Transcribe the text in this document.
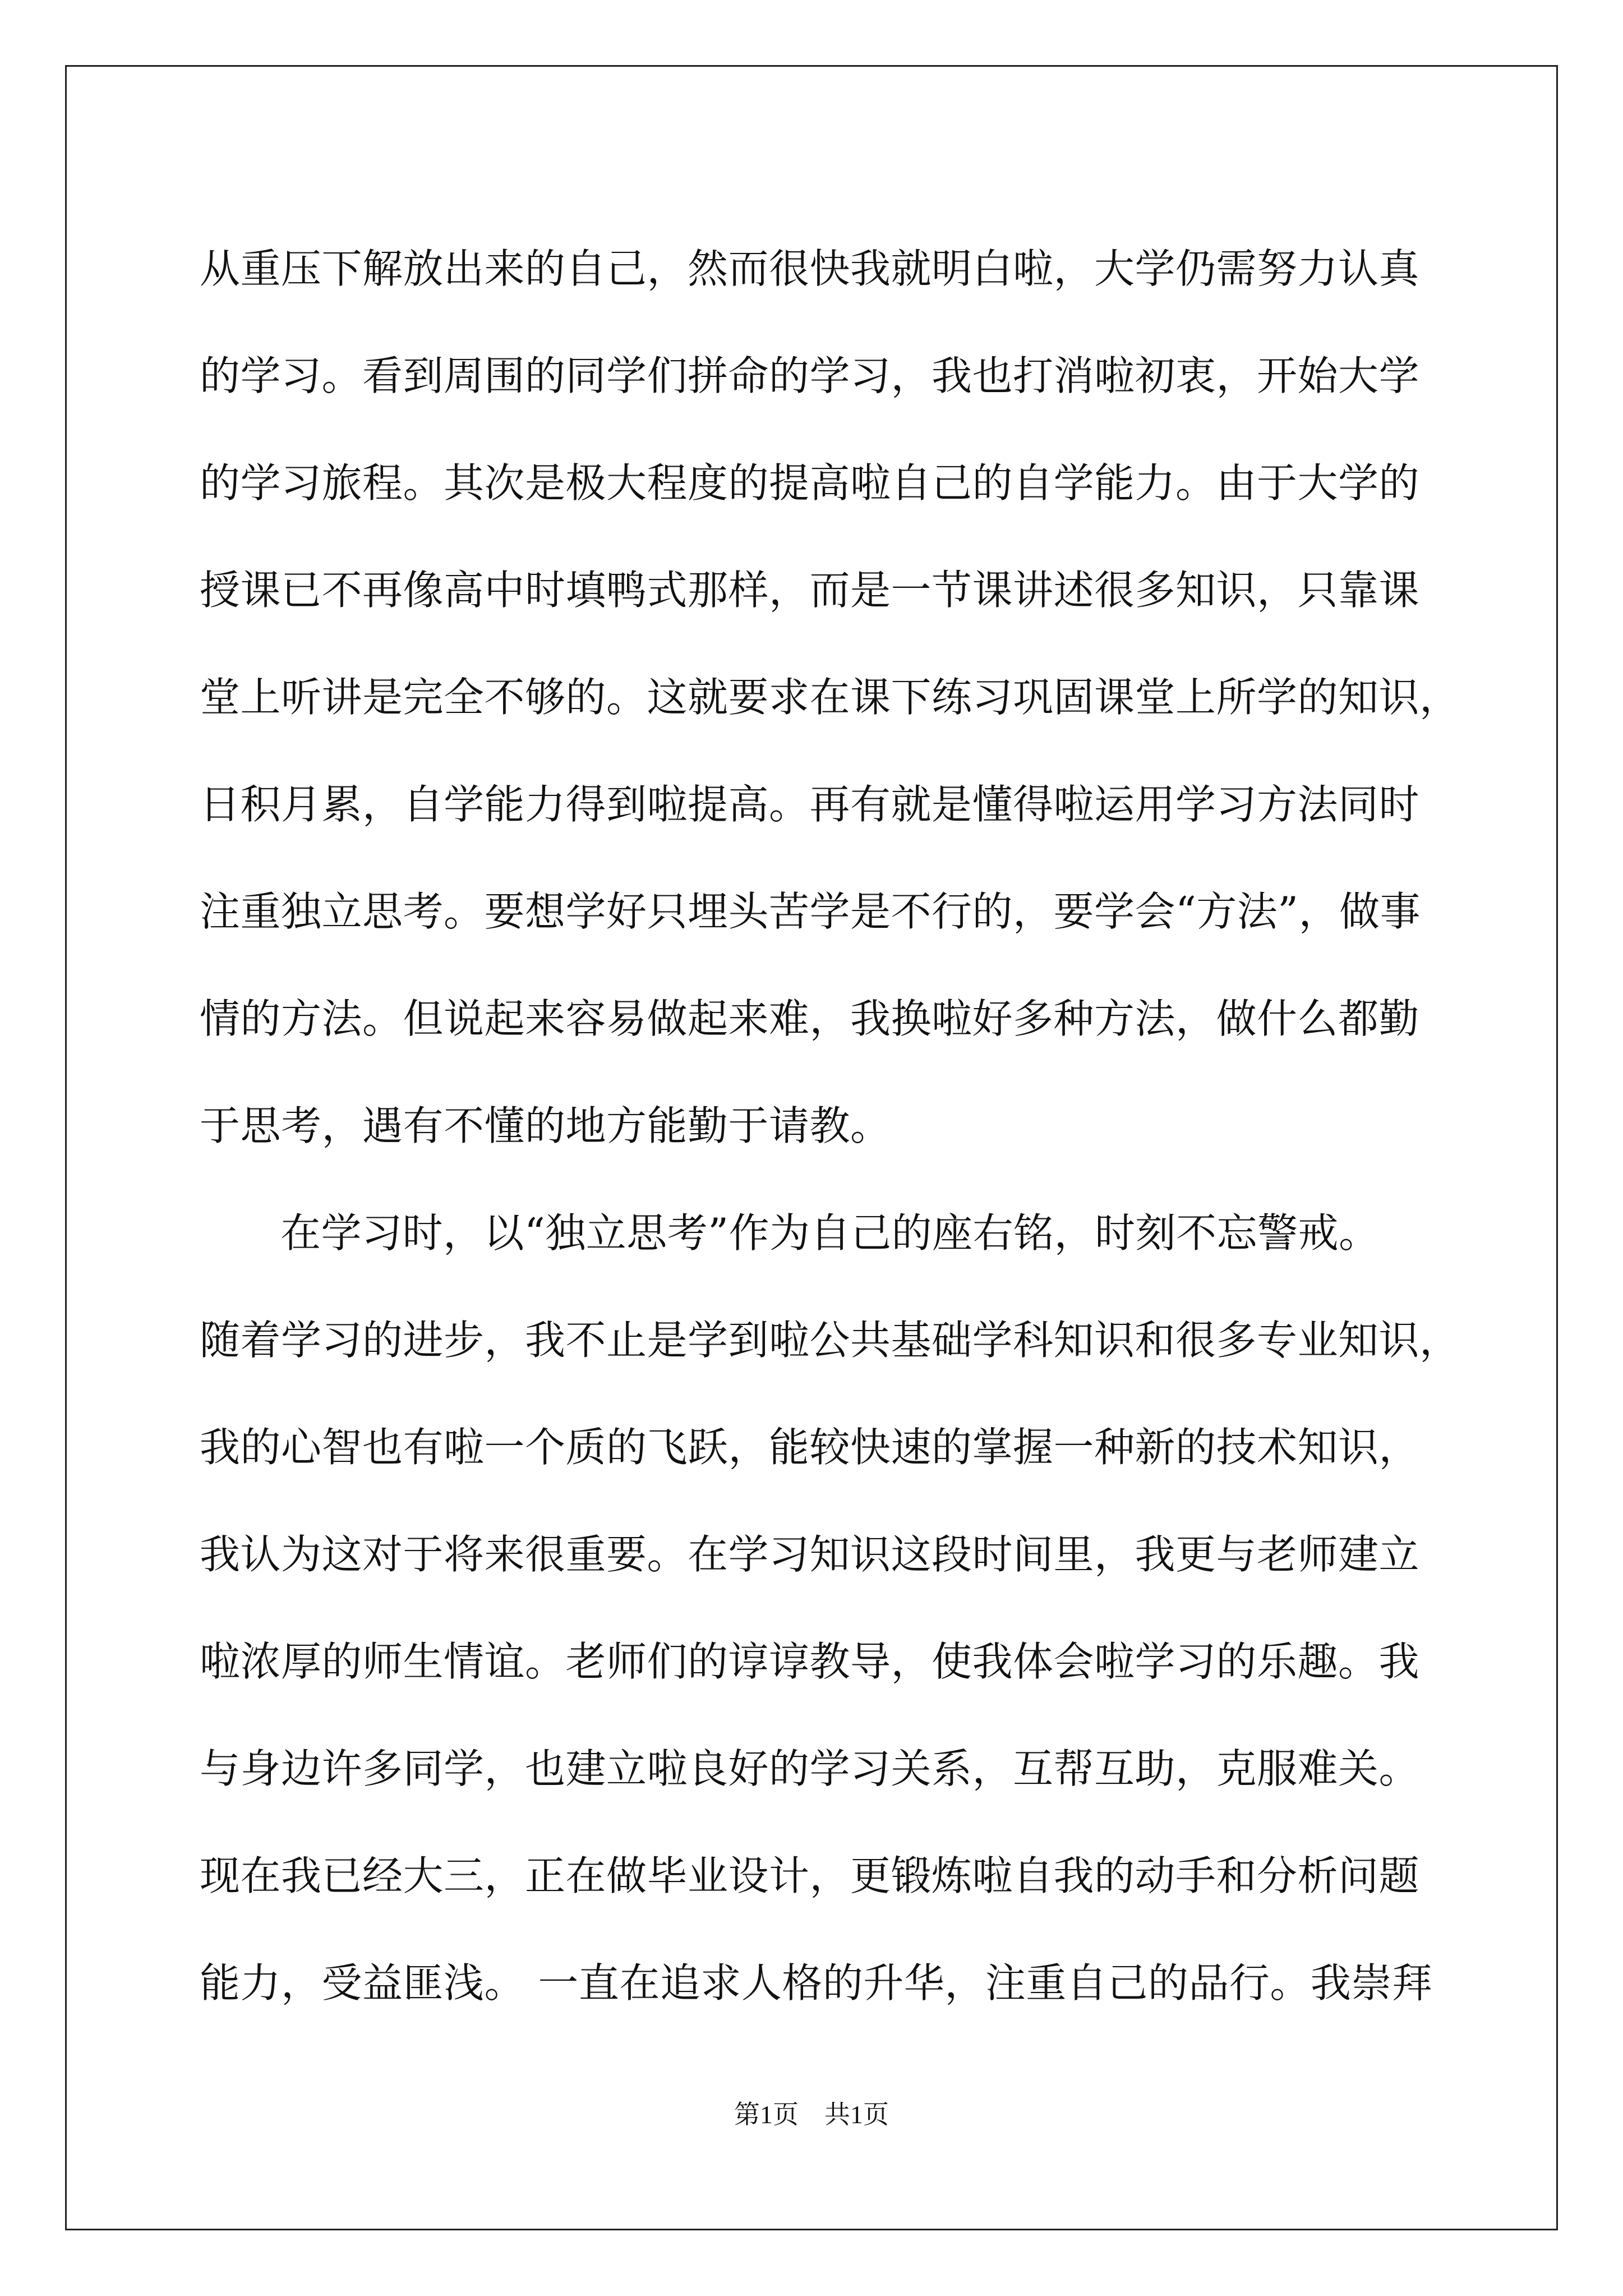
从重压下解放出来的自己，然而很快我就明白啦，大学仍需努力认真
的学习。看到周围的同学们拼命的学习，我也打消啦初衷，开始大学
的学习旅程。其次是极大程度的提高啦自己的自学能力。由于大学的
授课已不再像高中时填鸭式那样，而是一节课讲述很多知识，只靠课
堂上听讲是完全不够的。这就要求在课下练习巩固课堂上所学的知识，
日积月累，自学能力得到啦提高。再有就是懂得啦运用学习方法同时
注重独立思考。要想学好只埋头苦学是不行的，要学会“方法”，做事
情的方法。但说起来容易做起来难，我换啦好多种方法，做什么都勤
于思考，遇有不懂的地方能勤于请教。
在学习时，以“独立思考”作为自己的座右铭，时刻不忘警戒。
随着学习的进步，我不止是学到啦公共基础学科知识和很多专业知识，
我的心智也有啦一个质的飞跃，能较快速的掌握一种新的技术知识，
我认为这对于将来很重要。在学习知识这段时间里，我更与老师建立
啦浓厚的师生情谊。老师们的谆谆教导，使我体会啦学习的乐趣。我
与身边许多同学，也建立啦良好的学习关系，互帮互助，克服难关。
现在我已经大三，正在做毕业设计，更锻炼啦自我的动手和分析问题
能力，受益匪浅。 一直在追求人格的升华，注重自己的品行。我崇拜
第1页　共1页
